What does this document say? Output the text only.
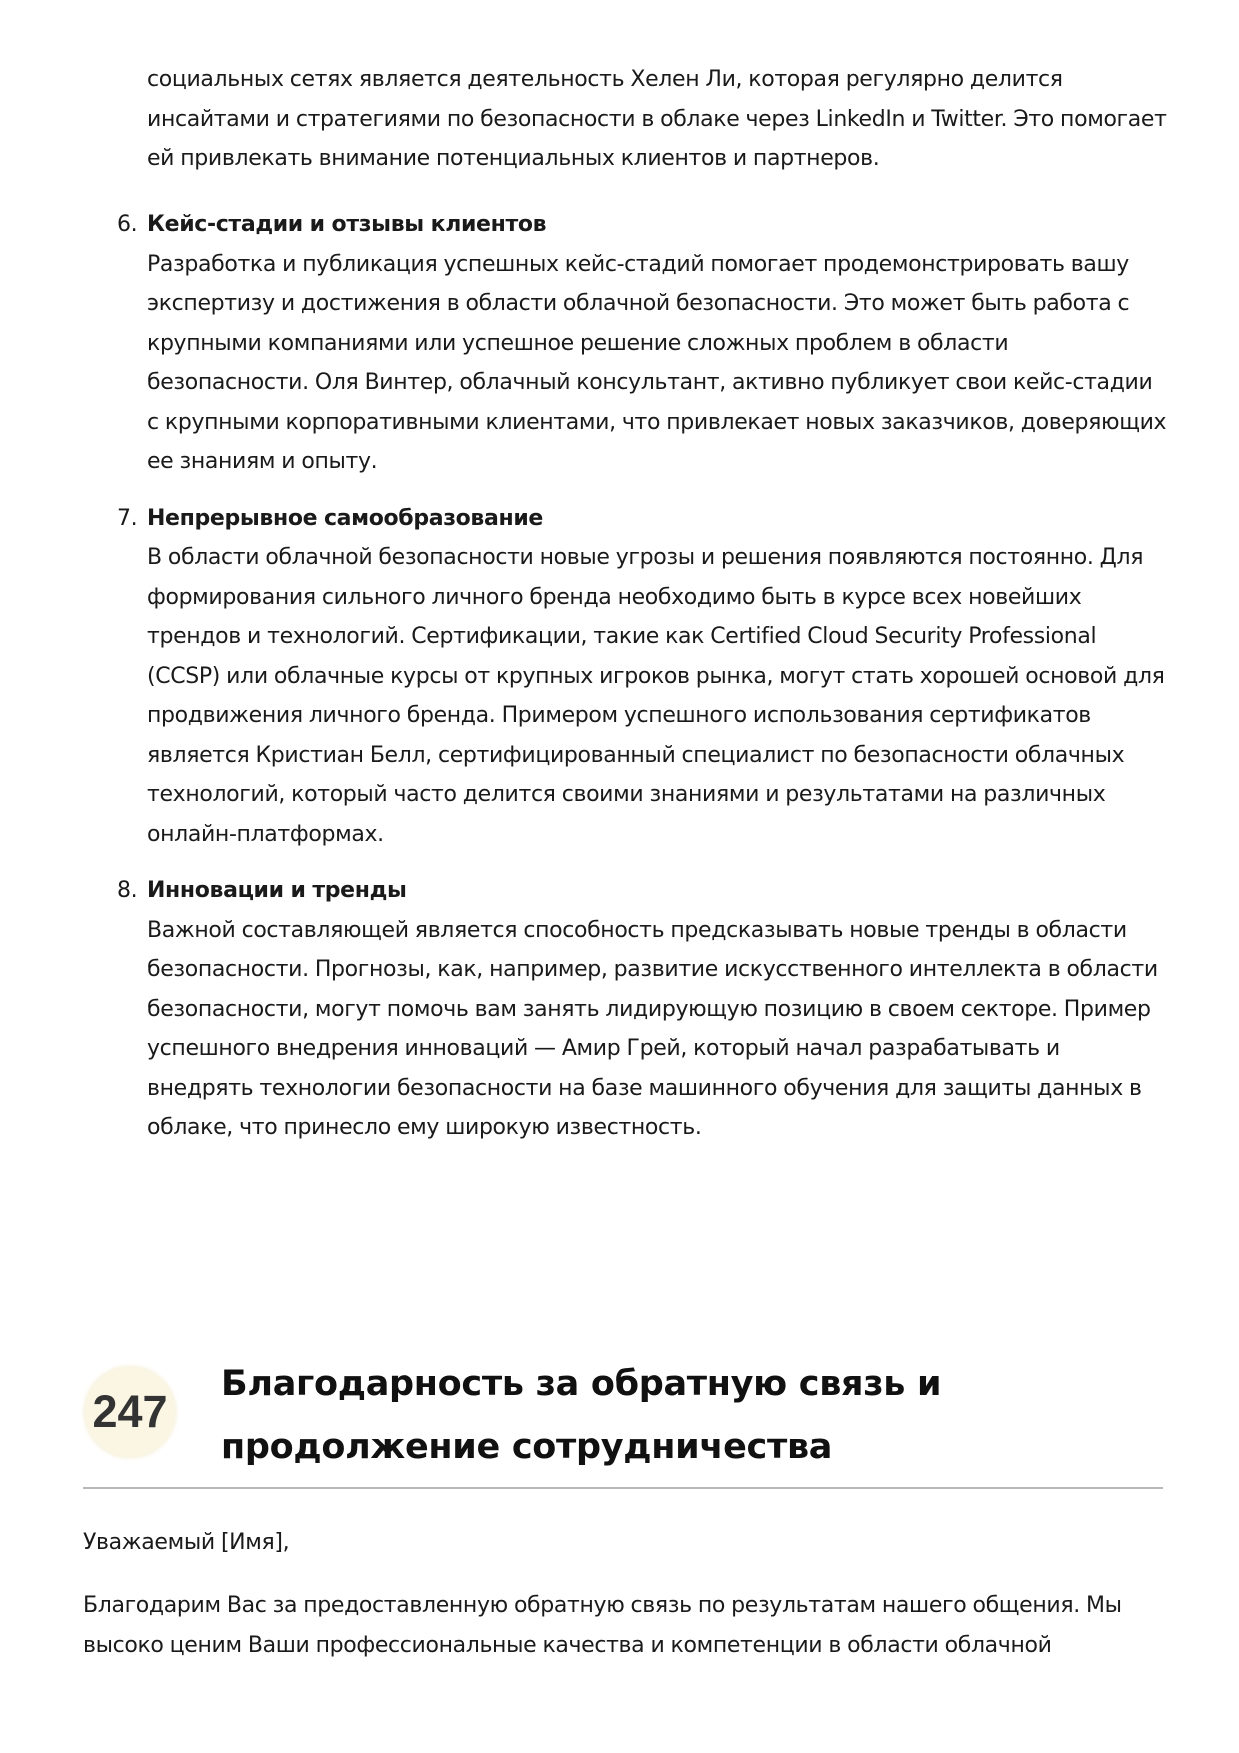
социальных сетях является деятельность Хелен Ли, которая регулярно делится инсайтами и стратегиями по безопасности в облаке через LinkedIn и Twitter. Это помогает ей привлекать внимание потенциальных клиентов и партнеров.

6. Кейс-стадии и отзывы клиентов

Разработка и публикация успешных кейс-стадий помогает продемонстрировать вашу экспертизу и достижения в области облачной безопасности. Это может быть работа с крупными компаниями или успешное решение сложных проблем в области безопасности. Оля Винтер, облачный консультант, активно публикует свои кейс-стадии с крупными корпоративными клиентами, что привлекает новых заказчиков, доверяющих ее знаниям и опыту.

7. Непрерывное самообразование

В области облачной безопасности новые угрозы и решения появляются постоянно. Для формирования сильного личного бренда необходимо быть в курсе всех новейших трендов и технологий. Сертификации, такие как Certified Cloud Security Professional (CCSP) или облачные курсы от крупных игроков рынка, могут стать хорошей основой для продвижения личного бренда. Примером успешного использования сертификатов является Кристиан Белл, сертифицированный специалист по безопасности облачных технологий, который часто делится своими знаниями и результатами на различных онлайн-платформах.

8. Инновации и тренды

Важной составляющей является способность предсказывать новые тренды в области безопасности. Прогнозы, как, например, развитие искусственного интеллекта в области безопасности, могут помочь вам занять лидирующую позицию в своем секторе. Пример успешного внедрения инноваций — Амир Грей, который начал разрабатывать и внедрять технологии безопасности на базе машинного обучения для защиты данных в облаке, что принесло ему широкую известность.

247
Благодарность за обратную связь и продолжение сотрудничества

Уважаемый [Имя],

Благодарим Вас за предоставленную обратную связь по результатам нашего общения. Мы высоко ценим Ваши профессиональные качества и компетенции в области облачной
